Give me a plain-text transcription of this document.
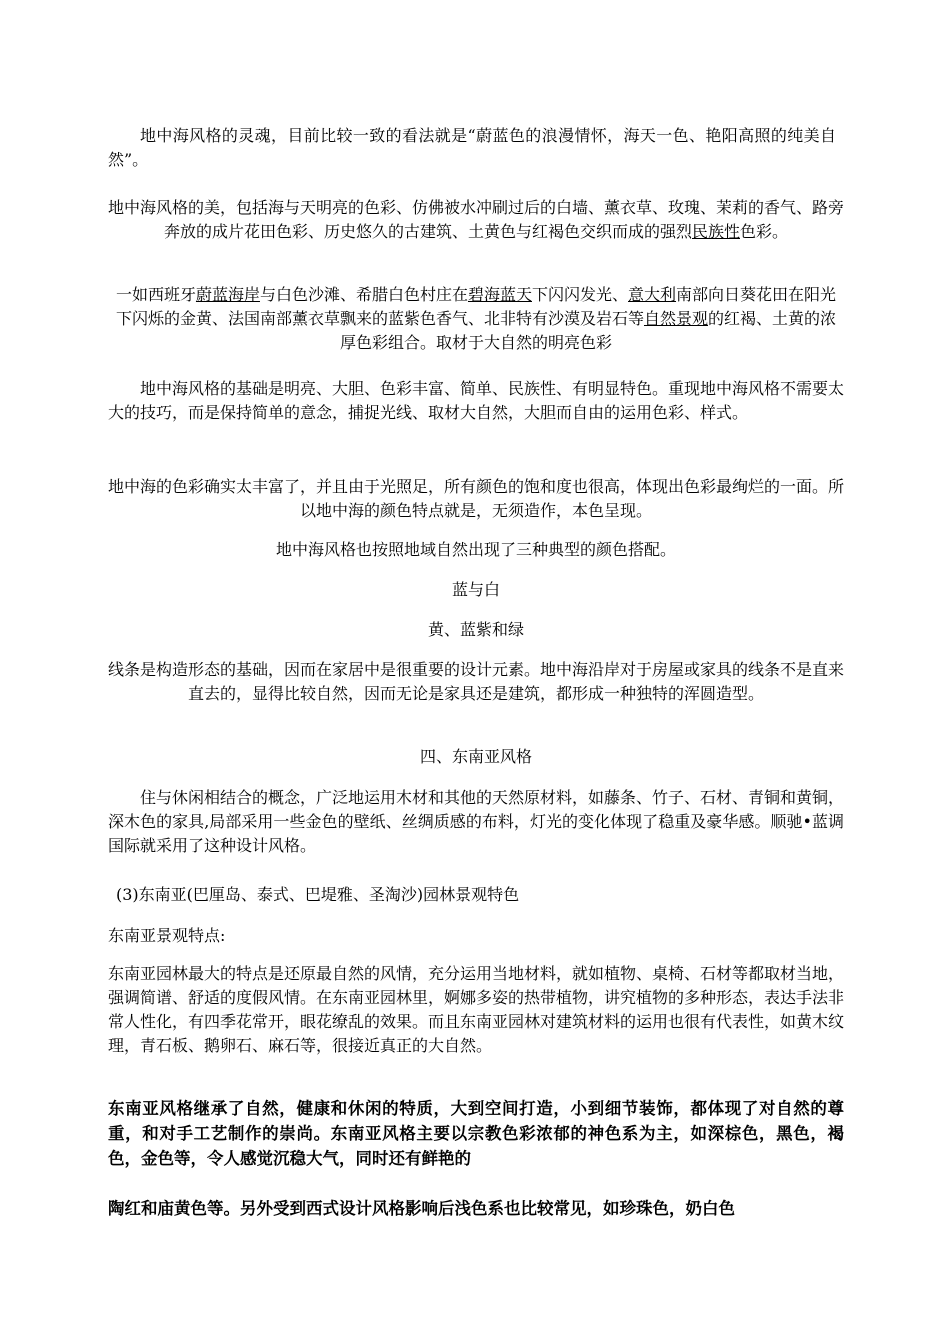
地中海风格的灵魂，目前比较一致的看法就是“蔚蓝色的浪漫情怀，海天一色、艳阳高照的纯美自然”。
地中海风格的美，包括海与天明亮的色彩、仿佛被水冲刷过后的白墙、薰衣草、玫瑰、茉莉的香气、路旁奔放的成片花田色彩、历史悠久的古建筑、土黄色与红褐色交织而成的强烈民族性色彩。
一如西班牙蔚蓝海岸与白色沙滩、希腊白色村庄在碧海蓝天下闪闪发光、意大利南部向日葵花田在阳光下闪烁的金黄、法国南部薰衣草飘来的蓝紫色香气、北非特有沙漠及岩石等自然景观的红褐、土黄的浓厚色彩组合。取材于大自然的明亮色彩
地中海风格的基础是明亮、大胆、色彩丰富、简单、民族性、有明显特色。重现地中海风格不需要太大的技巧，而是保持简单的意念，捕捉光线、取材大自然，大胆而自由的运用色彩、样式。
地中海的色彩确实太丰富了，并且由于光照足，所有颜色的饱和度也很高，体现出色彩最绚烂的一面。所以地中海的颜色特点就是，无须造作，本色呈现。
地中海风格也按照地域自然出现了三种典型的颜色搭配。
蓝与白
黄、蓝紫和绿
线条是构造形态的基础，因而在家居中是很重要的设计元素。地中海沿岸对于房屋或家具的线条不是直来直去的，显得比较自然，因而无论是家具还是建筑，都形成一种独特的浑圆造型。
四、东南亚风格
住与休闲相结合的概念，广泛地运用木材和其他的天然原材料，如藤条、竹子、石材、青铜和黄铜，深木色的家具,局部采用一些金色的壁纸、丝绸质感的布料，灯光的变化体现了稳重及豪华感。顺驰•蓝调国际就采用了这种设计风格。
(3)东南亚(巴厘岛、泰式、巴堤雅、圣淘沙)园林景观特色
东南亚景观特点:
东南亚园林最大的特点是还原最自然的风情，充分运用当地材料，就如植物、桌椅、石材等都取材当地，强调简谱、舒适的度假风情。在东南亚园林里，婀娜多姿的热带植物，讲究植物的多种形态，表达手法非常人性化，有四季花常开，眼花缭乱的效果。而且东南亚园林对建筑材料的运用也很有代表性，如黄木纹理，青石板、鹅卵石、麻石等，很接近真正的大自然。
东南亚风格继承了自然，健康和休闲的特质，大到空间打造，小到细节装饰，都体现了对自然的尊重，和对手工艺制作的崇尚。东南亚风格主要以宗教色彩浓郁的神色系为主，如深棕色，黑色，褐色，金色等，令人感觉沉稳大气，同时还有鲜艳的
陶红和庙黄色等。另外受到西式设计风格影响后浅色系也比较常见，如珍珠色，奶白色
